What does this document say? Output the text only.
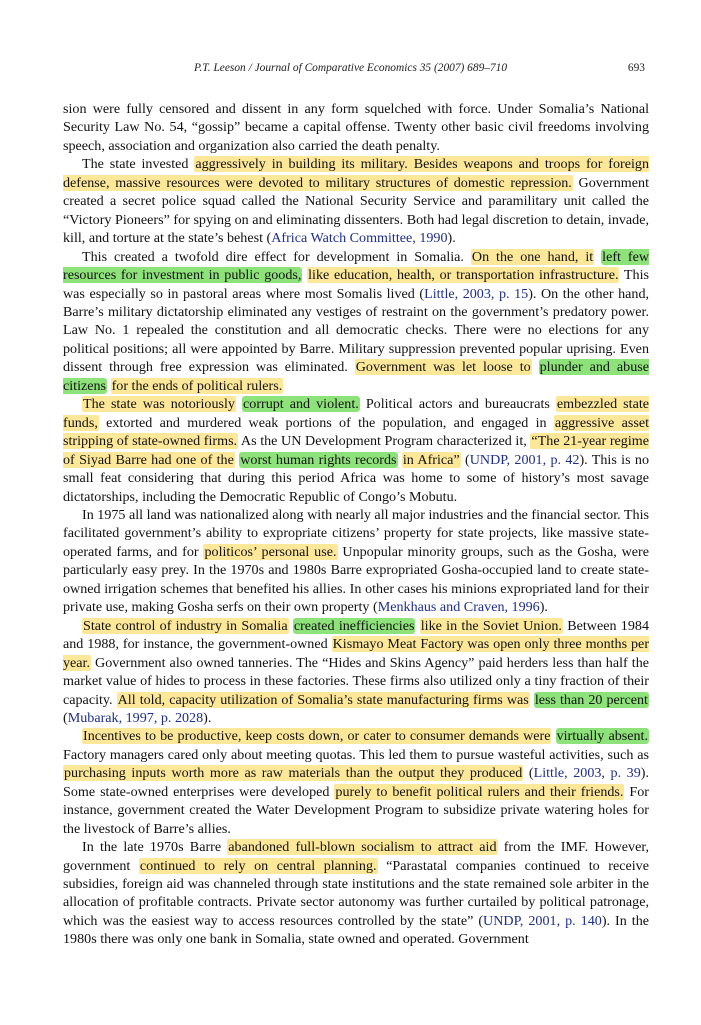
P.T. Leeson / Journal of Comparative Economics 35 (2007) 689–710	693

sion were fully censored and dissent in any form squelched with force. Under Somalia’s National Security Law No. 54, “gossip” became a capital offense. Twenty other basic civil freedoms involving speech, association and organization also carried the death penalty.

The state invested aggressively in building its military. Besides weapons and troops for foreign defense, massive resources were devoted to military structures of domestic repression. Government created a secret police squad called the National Security Service and paramilitary unit called the “Victory Pioneers” for spying on and eliminating dissenters. Both had legal discretion to detain, invade, kill, and torture at the state’s behest (Africa Watch Committee, 1990).

This created a twofold dire effect for development in Somalia. On the one hand, it left few resources for investment in public goods, like education, health, or transportation infrastructure. This was especially so in pastoral areas where most Somalis lived (Little, 2003, p. 15). On the other hand, Barre’s military dictatorship eliminated any vestiges of restraint on the government’s predatory power. Law No. 1 repealed the constitution and all democratic checks. There were no elections for any political positions; all were appointed by Barre. Military suppression prevented popular uprising. Even dissent through free expression was eliminated. Government was let loose to plunder and abuse citizens for the ends of political rulers.

The state was notoriously corrupt and violent. Political actors and bureaucrats embezzled state funds, extorted and murdered weak portions of the population, and engaged in aggressive asset stripping of state-owned firms. As the UN Development Program characterized it, “The 21-year regime of Siyad Barre had one of the worst human rights records in Africa” (UNDP, 2001, p. 42). This is no small feat considering that during this period Africa was home to some of history’s most savage dictatorships, including the Democratic Republic of Congo’s Mobutu.

In 1975 all land was nationalized along with nearly all major industries and the financial sector. This facilitated government’s ability to expropriate citizens’ property for state projects, like massive state-operated farms, and for politicos’ personal use. Unpopular minority groups, such as the Gosha, were particularly easy prey. In the 1970s and 1980s Barre expropriated Gosha-occupied land to create state-owned irrigation schemes that benefited his allies. In other cases his minions expropriated land for their private use, making Gosha serfs on their own property (Menkhaus and Craven, 1996).

State control of industry in Somalia created inefficiencies like in the Soviet Union. Between 1984 and 1988, for instance, the government-owned Kismayo Meat Factory was open only three months per year. Government also owned tanneries. The “Hides and Skins Agency” paid herders less than half the market value of hides to process in these factories. These firms also utilized only a tiny fraction of their capacity. All told, capacity utilization of Somalia’s state manufacturing firms was less than 20 percent (Mubarak, 1997, p. 2028).

Incentives to be productive, keep costs down, or cater to consumer demands were virtually absent. Factory managers cared only about meeting quotas. This led them to pursue wasteful activities, such as purchasing inputs worth more as raw materials than the output they produced (Little, 2003, p. 39). Some state-owned enterprises were developed purely to benefit political rulers and their friends. For instance, government created the Water Development Program to subsidize private watering holes for the livestock of Barre’s allies.

In the late 1970s Barre abandoned full-blown socialism to attract aid from the IMF. However, government continued to rely on central planning. “Parastatal companies continued to receive subsidies, foreign aid was channeled through state institutions and the state remained sole arbiter in the allocation of profitable contracts. Private sector autonomy was further curtailed by political patronage, which was the easiest way to access resources controlled by the state” (UNDP, 2001, p. 140). In the 1980s there was only one bank in Somalia, state owned and operated. Government
